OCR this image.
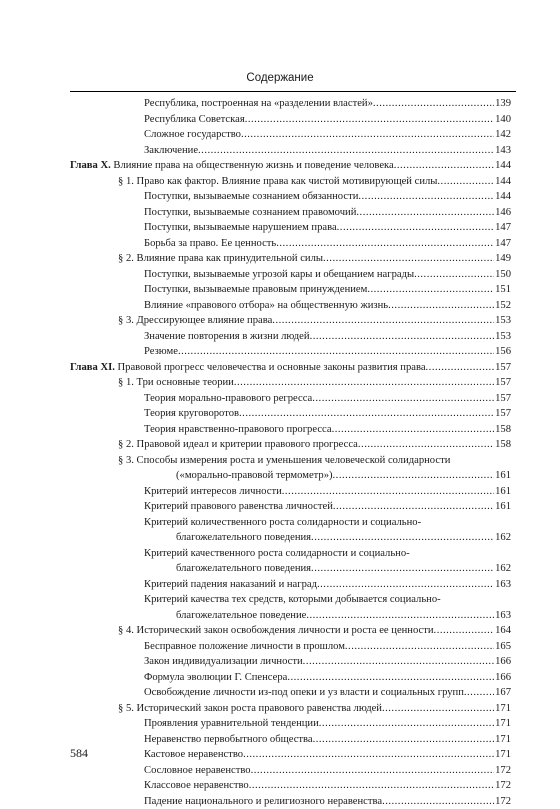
Содержание
Республика, построенная на «разделении властей» .....	139
Республика Советская .....	140
Сложное государство .....	142
Заключение .....	143
Глава X. Влияние права на общественную жизнь и поведение человека .....	144
§ 1. Право как фактор. Влияние права как чистой мотивирующей силы .....	144
Поступки, вызываемые сознанием обязанности .....	144
Поступки, вызываемые сознанием правомочий .....	146
Поступки, вызываемые нарушением права .....	147
Борьба за право. Ее ценность .....	147
§ 2. Влияние права как принудительной силы .....	149
Поступки, вызываемые угрозой кары и обещанием награды .....	150
Поступки, вызываемые правовым принуждением .....	151
Влияние «правового отбора» на общественную жизнь .....	152
§ 3. Дрессирующее влияние права .....	153
Значение повторения в жизни людей .....	153
Резюме .....	156
Глава XI. Правовой прогресс человечества и основные законы развития права .....	157
§ 1. Три основные теории .....	157
Теория морально-правового регресса .....	157
Теория круговоротов .....	157
Теория нравственно-правового прогресса .....	158
§ 2. Правовой идеал и критерии правового прогресса .....	158
§ 3. Способы измерения роста и уменьшения человеческой солидарности
(«морально-правовой термометр») .....	161
Критерий интересов личности .....	161
Критерий правового равенства личностей .....	161
Критерий количественного роста солидарности и социально-
благожелательного поведения .....	162
Критерий качественного роста солидарности и социально-
благожелательного поведения .....	162
Критерий падения наказаний и наград .....	163
Критерий качества тех средств, которыми добывается социально-
благожелательное поведение .....	163
§ 4. Исторический закон освобождения личности и роста ее ценности .....	164
Бесправное положение личности в прошлом .....	165
Закон индивидуализации личности .....	166
Формула эволюции Г. Спенсера .....	166
Освобождение личности из-под опеки и уз власти и социальных групп .....	167
§ 5. Исторический закон роста правового равенства людей .....	171
Проявления уравнительной тенденции .....	171
Неравенство первобытного общества .....	171
Кастовое неравенство .....	171
Сословное неравенство .....	172
Классовое неравенство .....	172
Падение национального и религиозного неравенства .....	172
584
